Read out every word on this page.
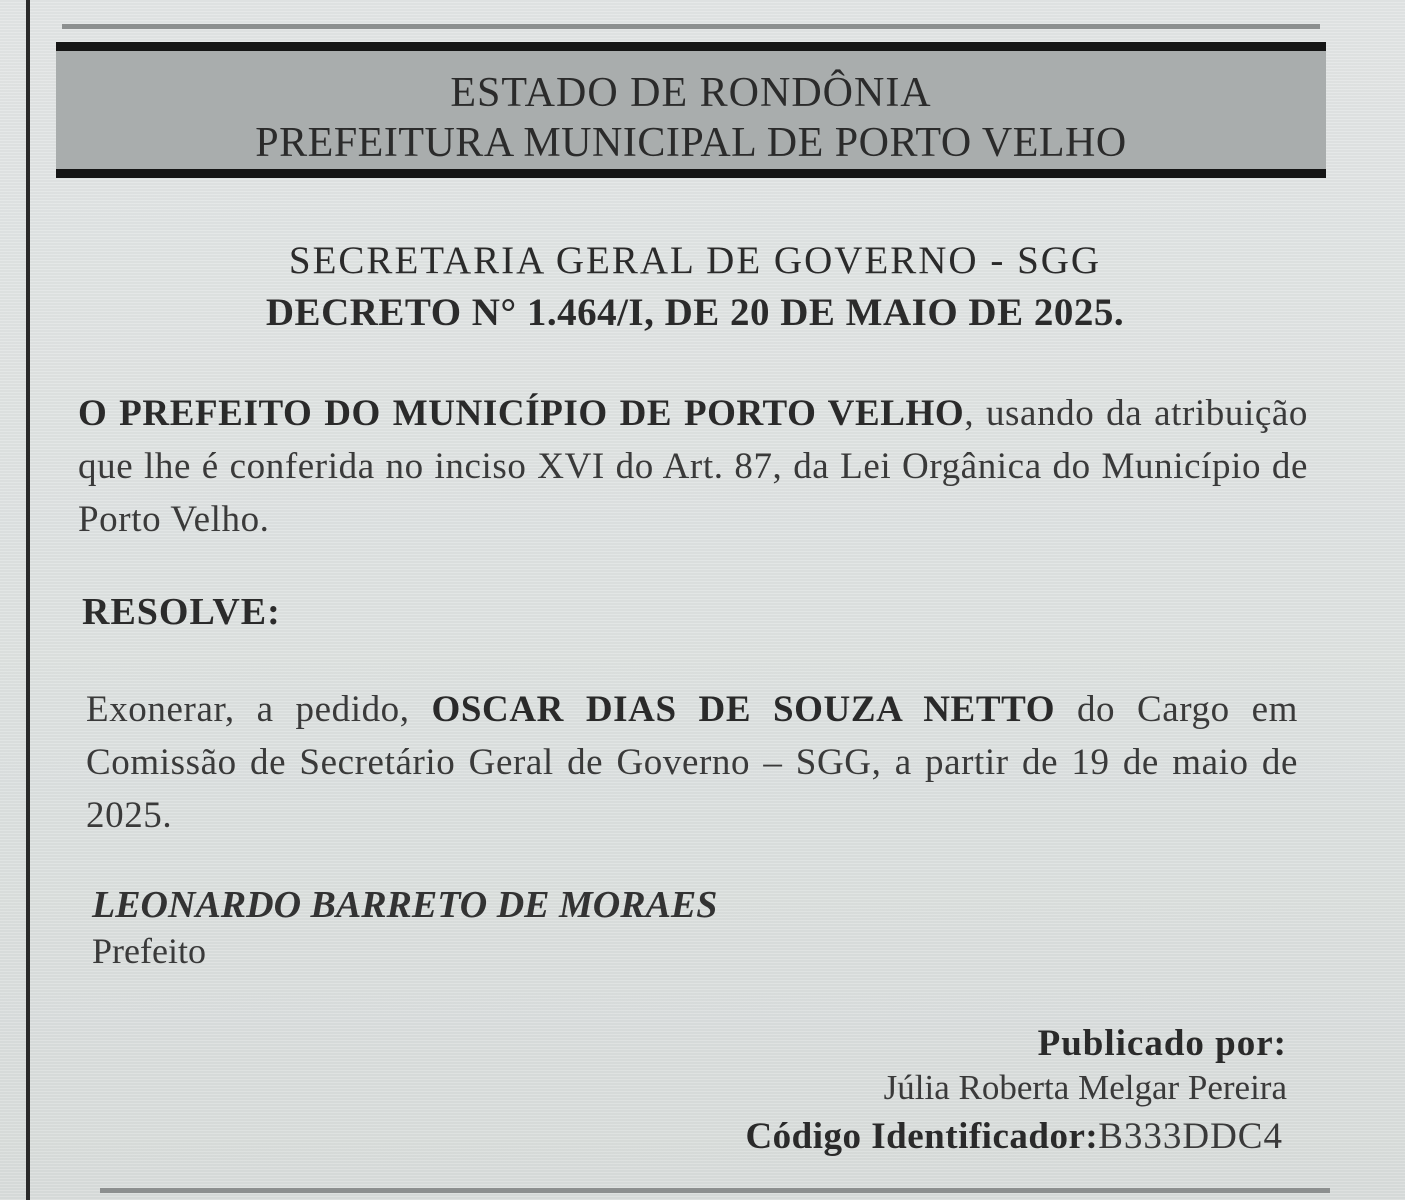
ESTADO DE RONDÔNIA
PREFEITURA MUNICIPAL DE PORTO VELHO
SECRETARIA GERAL DE GOVERNO - SGG
DECRETO N° 1.464/I, DE 20 DE MAIO DE 2025.
O PREFEITO DO MUNICÍPIO DE PORTO VELHO, usando da atribuição que lhe é conferida no inciso XVI do Art. 87, da Lei Orgânica do Município de Porto Velho.
RESOLVE:
Exonerar, a pedido, OSCAR DIAS DE SOUZA NETTO do Cargo em Comissão de Secretário Geral de Governo – SGG, a partir de 19 de maio de 2025.
LEONARDO BARRETO DE MORAES
Prefeito
Publicado por:
Júlia Roberta Melgar Pereira
Código Identificador:B333DDC4
